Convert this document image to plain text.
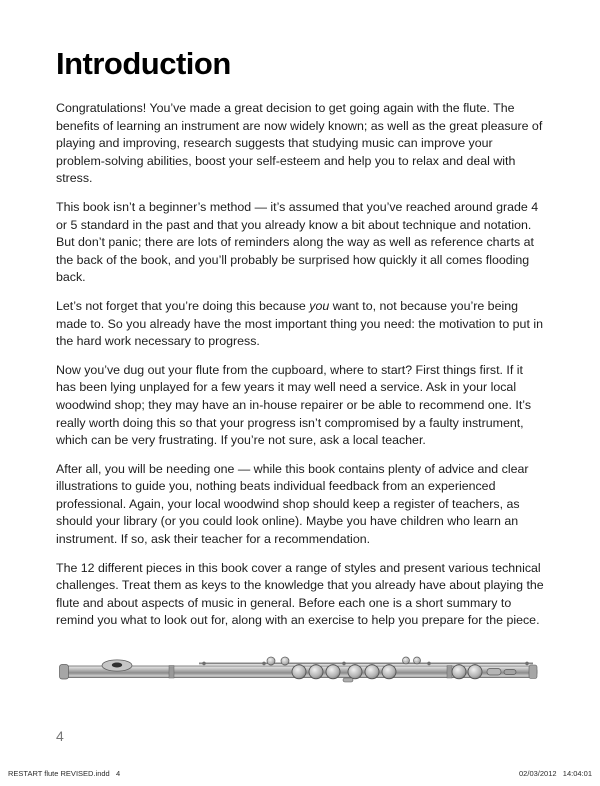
Introduction

Congratulations! You’ve made a great decision to get going again with the flute. The benefits of learning an instrument are now widely known; as well as the great pleasure of playing and improving, research suggests that studying music can improve your problem-solving abilities, boost your self-esteem and help you to relax and deal with stress.

This book isn’t a beginner’s method — it’s assumed that you’ve reached around grade 4 or 5 standard in the past and that you already know a bit about technique and notation. But don’t panic; there are lots of reminders along the way as well as reference charts at the back of the book, and you’ll probably be surprised how quickly it all comes flooding back.

Let’s not forget that you’re doing this because you want to, not because you’re being made to. So you already have the most important thing you need: the motivation to put in the hard work necessary to progress.

Now you’ve dug out your flute from the cupboard, where to start? First things first. If it has been lying unplayed for a few years it may well need a service. Ask in your local woodwind shop; they may have an in-house repairer or be able to recommend one. It’s really worth doing this so that your progress isn’t compromised by a faulty instrument, which can be very frustrating. If you’re not sure, ask a local teacher.

After all, you will be needing one — while this book contains plenty of advice and clear illustrations to guide you, nothing beats individual feedback from an experienced professional. Again, your local woodwind shop should keep a register of teachers, as should your library (or you could look online). Maybe you have children who learn an instrument. If so, ask their teacher for a recommendation.

The 12 different pieces in this book cover a range of styles and present various technical challenges. Treat them as keys to the knowledge that you already have about playing the flute and about aspects of music in general. Before each one is a short summary to remind you what to look out for, along with an exercise to help you prepare for the piece.

4
RESTART flute REVISED.indd   4	02/03/2012   14:04:01
